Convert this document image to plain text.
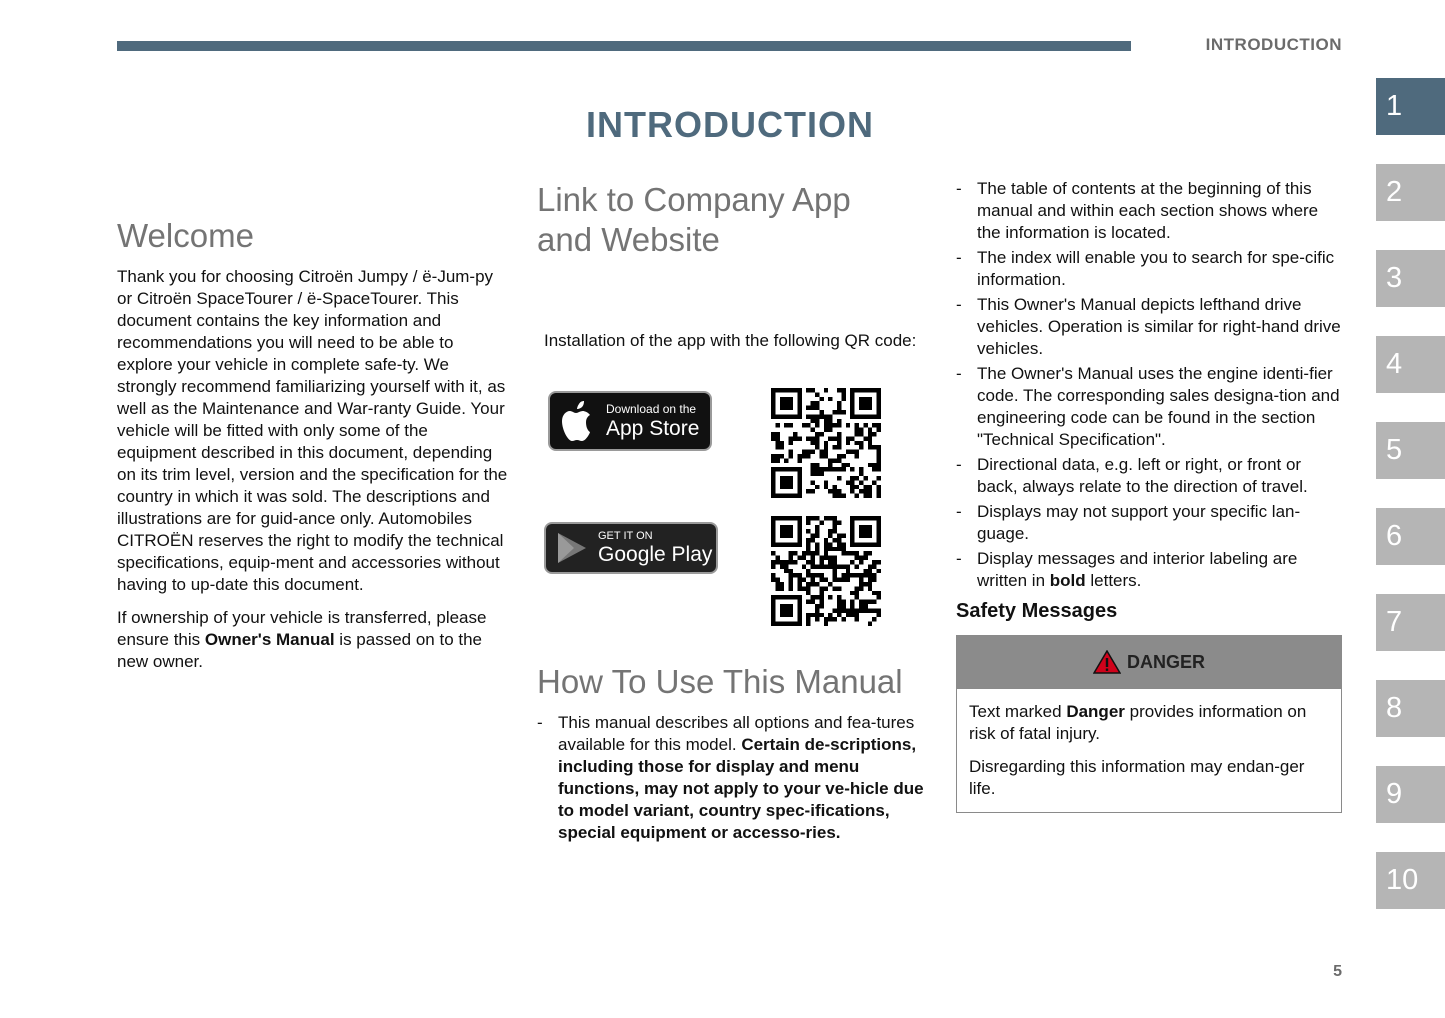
INTRODUCTION
INTRODUCTION
Welcome

Thank you for choosing Citroën Jumpy / ë-Jum-py or Citroën SpaceTourer / ë-SpaceTourer. This document contains the key information and recommendations you will need to be able to explore your vehicle in complete safe-ty. We strongly recommend familiarizing yourself with it, as well as the Maintenance and War-ranty Guide. Your vehicle will be fitted with only some of the equipment described in this document, depending on its trim level, version and the specification for the country in which it was sold. The descriptions and illustrations are for guid-ance only. Automobiles CITROËN reserves the right to modify the technical specifications, equip-ment and accessories without having to up-date this document.

If ownership of your vehicle is transferred, please ensure this Owner's Manual is passed on to the new owner.

Link to Company App
and Website

Installation of the app with the following QR code:

Download on the
App Store
GET IT ON
Google Play
How To Use This Manual
- This manual describes all options and fea-tures available for this model. Certain de-scriptions, including those for display and menu functions, may not apply to your ve-hicle due to model variant, country spec-ifications, special equipment or accesso-ries.
- The table of contents at the beginning of this manual and within each section shows where the information is located.
- The index will enable you to search for spe-cific information.
- This Owner's Manual depicts lefthand drive vehicles. Operation is similar for right-hand drive vehicles.
- The Owner's Manual uses the engine identi-fier code. The corresponding sales designa-tion and engineering code can be found in the section "Technical Specification".
- Directional data, e.g. left or right, or front or back, always relate to the direction of travel.
- Displays may not support your specific lan-guage.
- Display messages and interior labeling are written in bold letters.
Safety Messages
DANGER

Text marked Danger provides information on risk of fatal injury.

Disregarding this information may endan-ger life.

1
2
3
4
5
6
7
8
9
10
5
